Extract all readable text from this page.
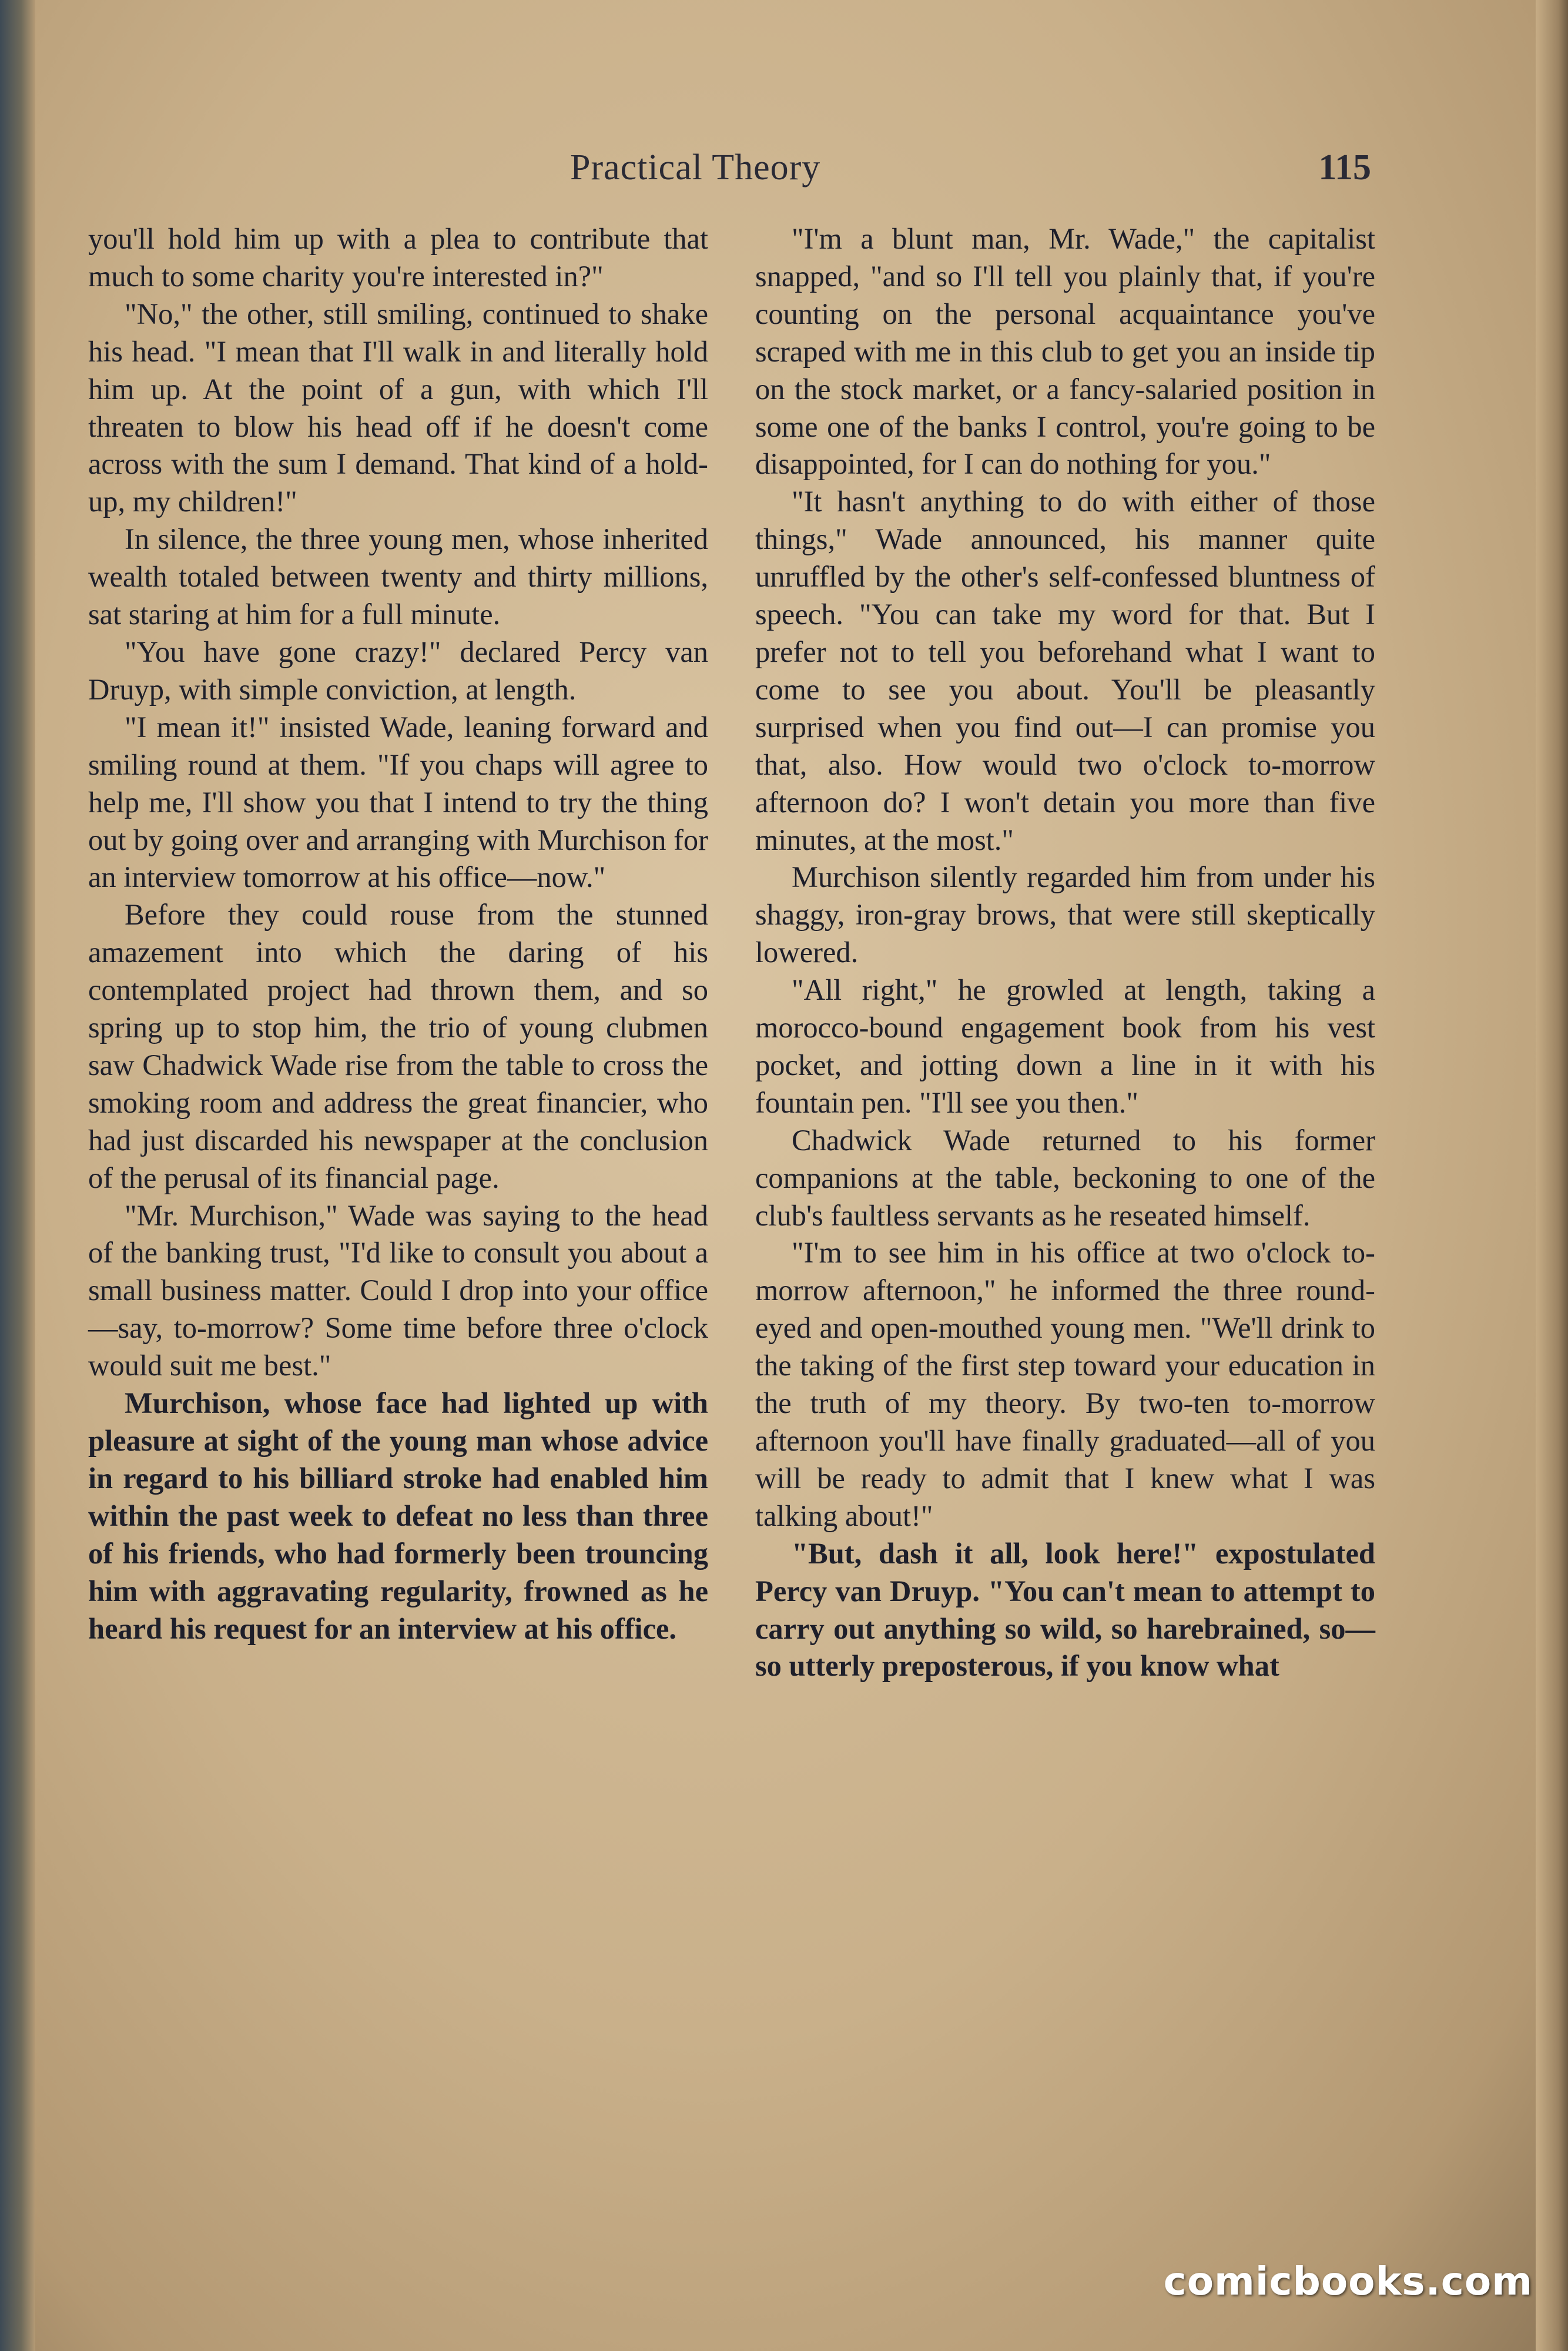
Practical Theory	115

you'll hold him up with a plea to contribute that much to some charity you're interested in?"

"No," the other, still smiling, continued to shake his head. "I mean that I'll walk in and literally hold him up. At the point of a gun, with which I'll threaten to blow his head off if he doesn't come across with the sum I demand. That kind of a hold-up, my children!"

In silence, the three young men, whose inherited wealth totaled between twenty and thirty millions, sat staring at him for a full minute.

"You have gone crazy!" declared Percy van Druyp, with simple conviction, at length.

"I mean it!" insisted Wade, leaning forward and smiling round at them. "If you chaps will agree to help me, I'll show you that I intend to try the thing out by going over and arranging with Murchison for an interview tomorrow at his office—now."

Before they could rouse from the stunned amazement into which the daring of his contemplated project had thrown them, and so spring up to stop him, the trio of young clubmen saw Chadwick Wade rise from the table to cross the smoking room and address the great financier, who had just discarded his newspaper at the conclusion of the perusal of its financial page.

"Mr. Murchison," Wade was saying to the head of the banking trust, "I'd like to consult you about a small business matter. Could I drop into your office—say, to-morrow? Some time before three o'clock would suit me best."

Murchison, whose face had lighted up with pleasure at sight of the young man whose advice in regard to his billiard stroke had enabled him within the past week to defeat no less than three of his friends, who had formerly been trouncing him with aggravating regularity, frowned as he heard his request for an interview at his office.

"I'm a blunt man, Mr. Wade," the capitalist snapped, "and so I'll tell you plainly that, if you're counting on the personal acquaintance you've scraped with me in this club to get you an inside tip on the stock market, or a fancy-salaried position in some one of the banks I control, you're going to be disappointed, for I can do nothing for you."

"It hasn't anything to do with either of those things," Wade announced, his manner quite unruffled by the other's self-confessed bluntness of speech. "You can take my word for that. But I prefer not to tell you beforehand what I want to come to see you about. You'll be pleasantly surprised when you find out—I can promise you that, also. How would two o'clock to-morrow afternoon do? I won't detain you more than five minutes, at the most."

Murchison silently regarded him from under his shaggy, iron-gray brows, that were still skeptically lowered.

"All right," he growled at length, taking a morocco-bound engagement book from his vest pocket, and jotting down a line in it with his fountain pen. "I'll see you then."

Chadwick Wade returned to his former companions at the table, beckoning to one of the club's faultless servants as he reseated himself.

"I'm to see him in his office at two o'clock to-morrow afternoon," he informed the three round-eyed and open-mouthed young men. "We'll drink to the taking of the first step toward your education in the truth of my theory. By two-ten to-morrow afternoon you'll have finally graduated—all of you will be ready to admit that I knew what I was talking about!"

"But, dash it all, look here!" expostulated Percy van Druyp. "You can't mean to attempt to carry out anything so wild, so harebrained, so—so utterly preposterous, if you know what

comicbooks.com
